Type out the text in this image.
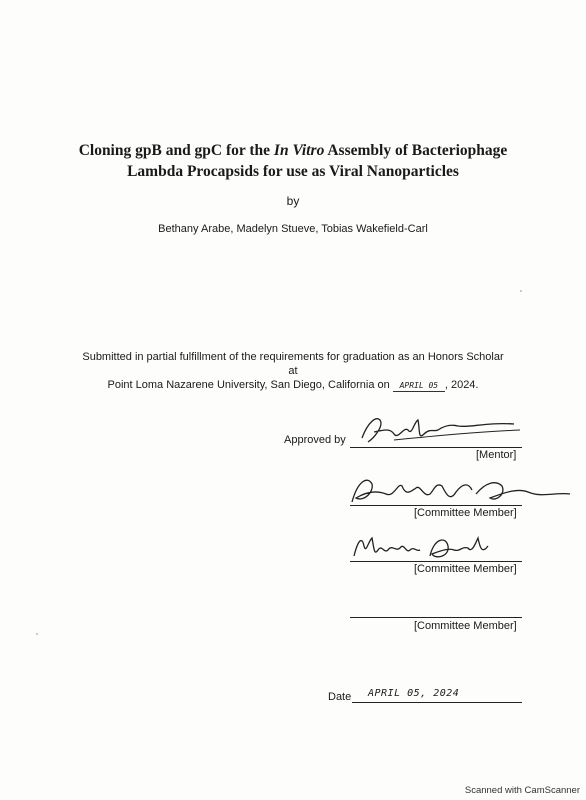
Cloning gpB and gpC for the In Vitro Assembly of Bacteriophage
Lambda Procapsids for use as Viral Nanoparticles
by
Bethany Arabe, Madelyn Stueve, Tobias Wakefield-Carl
Submitted in partial fulfillment of the requirements for graduation as an Honors Scholar
at
Point Loma Nazarene University, San Diego, California on APRIL 05 , 2024.
Approved by
[Mentor]
[Committee Member]
[Committee Member]
[Committee Member]
Date APRIL 05, 2024
Scanned with CamScanner
